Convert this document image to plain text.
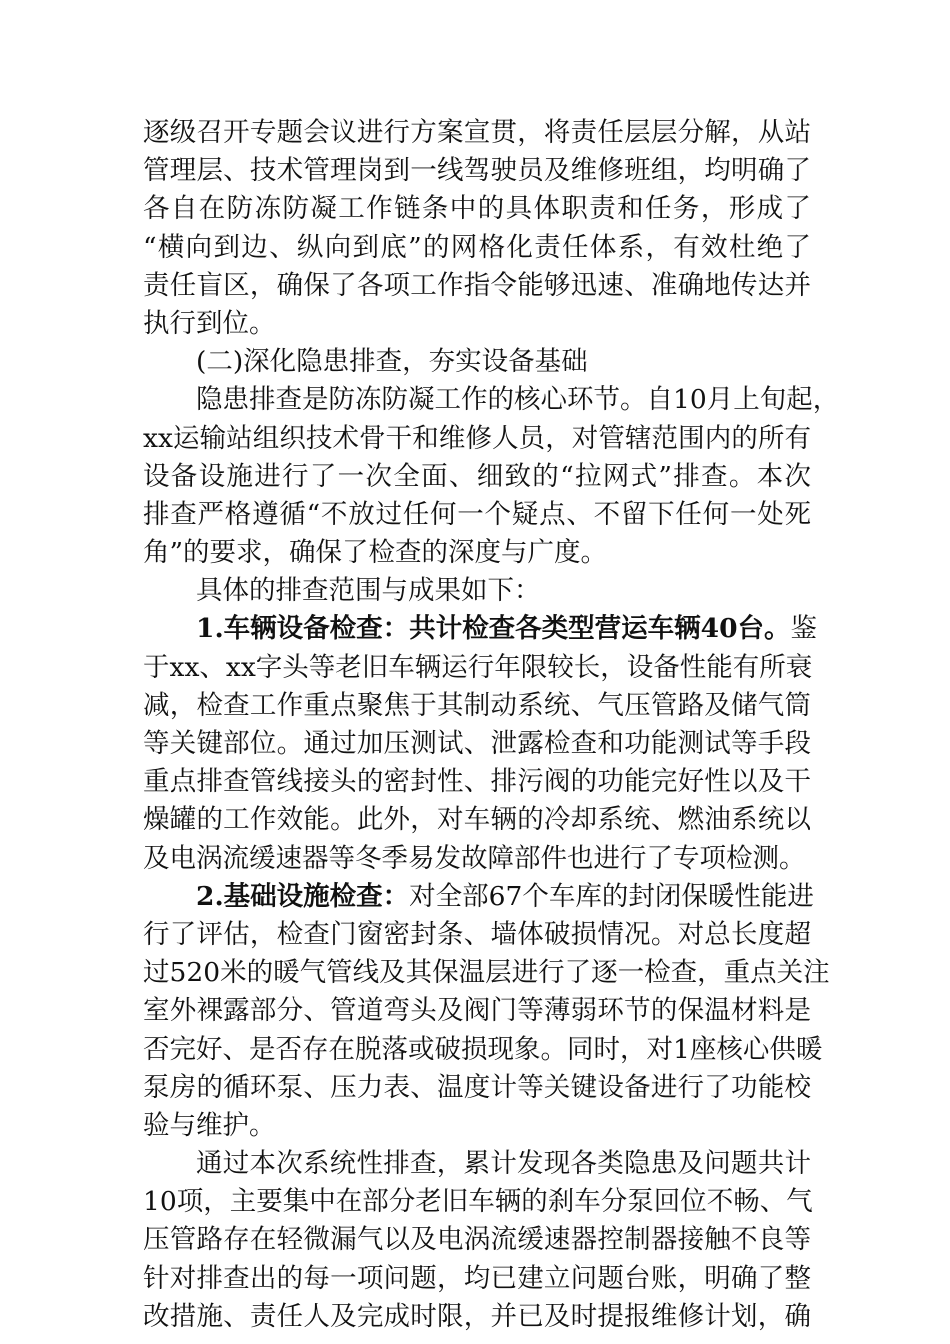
逐级召开专题会议进行方案宣贯，将责任层层分解，从站
管理层、技术管理岗到一线驾驶员及维修班组，均明确了
各自在防冻防凝工作链条中的具体职责和任务，形成了
“横向到边、纵向到底”的网格化责任体系，有效杜绝了
责任盲区，确保了各项工作指令能够迅速、准确地传达并
执行到位。
(二)深化隐患排查，夯实设备基础
隐患排查是防冻防凝工作的核心环节。自10月上旬起，
xx运输站组织技术骨干和维修人员，对管辖范围内的所有
设备设施进行了一次全面、细致的“拉网式”排查。本次
排查严格遵循“不放过任何一个疑点、不留下任何一处死
角”的要求，确保了检查的深度与广度。
具体的排查范围与成果如下：
1.车辆设备检查：共计检查各类型营运车辆40台。鉴
于xx、xx字头等老旧车辆运行年限较长，设备性能有所衰
减，检查工作重点聚焦于其制动系统、气压管路及储气筒
等关键部位。通过加压测试、泄露检查和功能测试等手段
重点排查管线接头的密封性、排污阀的功能完好性以及干
燥罐的工作效能。此外，对车辆的冷却系统、燃油系统以
及电涡流缓速器等冬季易发故障部件也进行了专项检测。
2.基础设施检查：对全部67个车库的封闭保暖性能进
行了评估，检查门窗密封条、墙体破损情况。对总长度超
过520米的暖气管线及其保温层进行了逐一检查，重点关注
室外裸露部分、管道弯头及阀门等薄弱环节的保温材料是
否完好、是否存在脱落或破损现象。同时，对1座核心供暖
泵房的循环泵、压力表、温度计等关键设备进行了功能校
验与维护。
通过本次系统性排查，累计发现各类隐患及问题共计
10项，主要集中在部分老旧车辆的刹车分泵回位不畅、气
压管路存在轻微漏气以及电涡流缓速器控制器接触不良等
针对排查出的每一项问题，均已建立问题台账，明确了整
改措施、责任人及完成时限，并已及时提报维修计划，确
